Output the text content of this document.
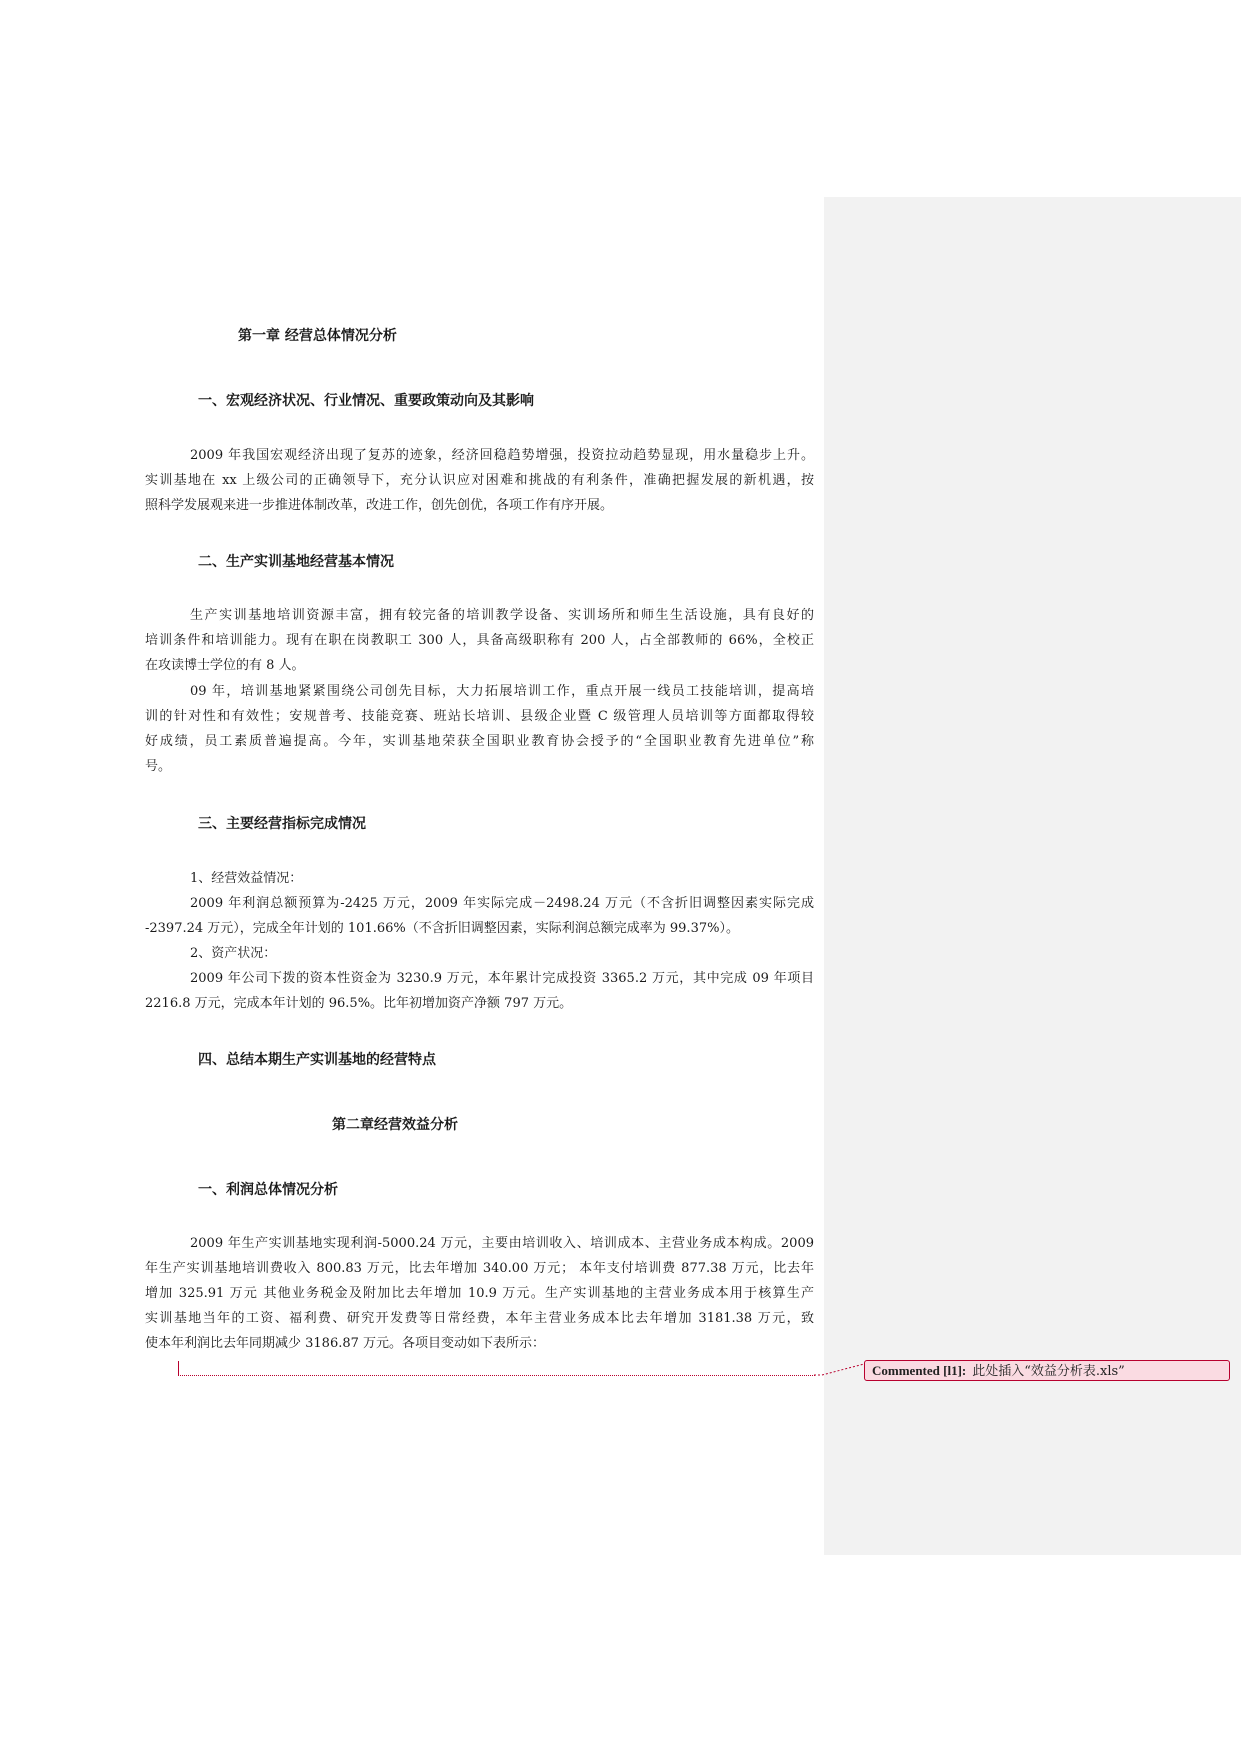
第一章 经营总体情况分析
一、宏观经济状况、行业情况、重要政策动向及其影响

2009 年我国宏观经济出现了复苏的迹象，经济回稳趋势增强，投资拉动趋势显现，用水量稳步上升。
实训基地在 xx 上级公司的正确领导下，充分认识应对困难和挑战的有利条件，准确把握发展的新机遇，按
照科学发展观来进一步推进体制改革，改进工作，创先创优，各项工作有序开展。

二、生产实训基地经营基本情况

生产实训基地培训资源丰富，拥有较完备的培训教学设备、实训场所和师生生活设施，具有良好的
培训条件和培训能力。现有在职在岗教职工 300 人，具备高级职称有 200 人，占全部教师的 66%，全校正
在攻读博士学位的有 8 人。

09 年，培训基地紧紧围绕公司创先目标，大力拓展培训工作，重点开展一线员工技能培训，提高培
训的针对性和有效性；安规普考、技能竞赛、班站长培训、县级企业暨 C 级管理人员培训等方面都取得较
好成绩，员工素质普遍提高。今年，实训基地荣获全国职业教育协会授予的“全国职业教育先进单位”称
号。

三、主要经营指标完成情况

1、经营效益情况：

2009 年利润总额预算为-2425 万元，2009 年实际完成－2498.24 万元（不含折旧调整因素实际完成
-2397.24 万元），完成全年计划的 101.66%（不含折旧调整因素，实际利润总额完成率为 99.37%）。

2、资产状况：

2009 年公司下拨的资本性资金为 3230.9 万元，本年累计完成投资 3365.2 万元，其中完成 09 年项目
2216.8 万元，完成本年计划的 96.5%。比年初增加资产净额 797 万元。

四、总结本期生产实训基地的经营特点
第二章经营效益分析
一、利润总体情况分析

2009 年生产实训基地实现利润-5000.24 万元，主要由培训收入、培训成本、主营业务成本构成。2009
年生产实训基地培训费收入 800.83 万元，比去年增加 340.00 万元； 本年支付培训费 877.38 万元，比去年
增加 325.91 万元 其他业务税金及附加比去年增加 10.9 万元。生产实训基地的主营业务成本用于核算生产
实训基地当年的工资、福利费、研究开发费等日常经费，本年主营业务成本比去年增加 3181.38 万元，致
使本年利润比去年同期减少 3186.87 万元。各项目变动如下表所示：

Commented [l1]: 此处插入“效益分析表.xls”
